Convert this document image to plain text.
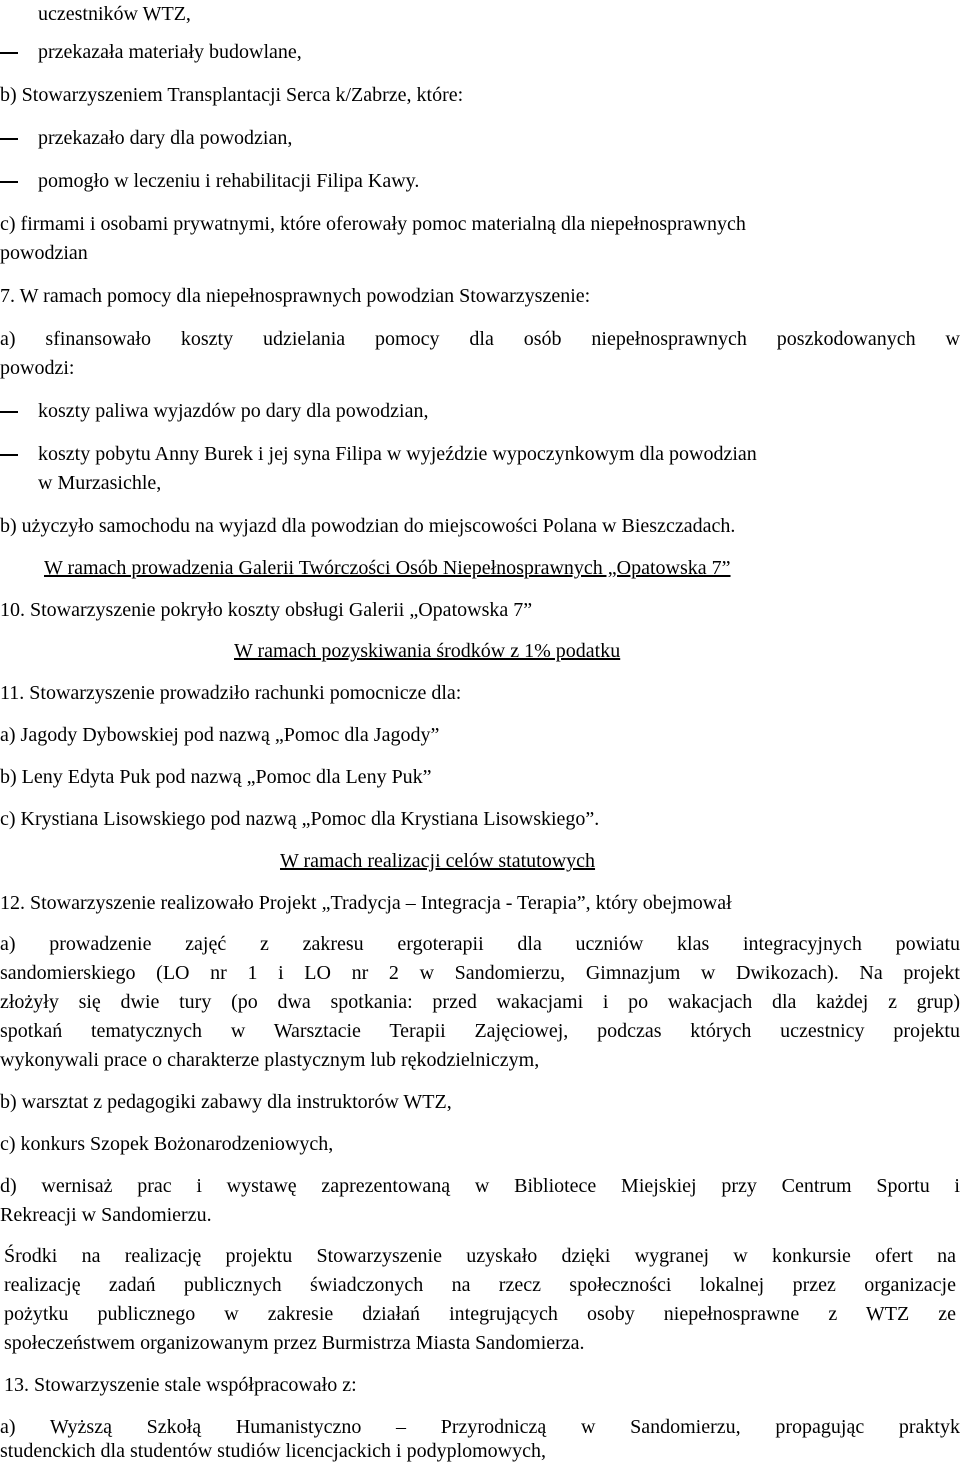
uczestników WTZ,
przekazała materiały budowlane,
b) Stowarzyszeniem Transplantacji Serca k/Zabrze, które:
przekazało dary dla powodzian,
pomogło w leczeniu i rehabilitacji Filipa Kawy.
c) firmami i osobami prywatnymi, które oferowały pomoc materialną dla niepełnosprawnych
powodzian
7. W ramach pomocy dla niepełnosprawnych powodzian Stowarzyszenie:
a) sfinansowało koszty udzielania pomocy dla osób niepełnosprawnych poszkodowanych w
powodzi:
koszty paliwa wyjazdów po dary dla powodzian,
koszty pobytu Anny Burek i jej syna Filipa w wyjeździe wypoczynkowym dla powodzian
w Murzasichle,
b) użyczyło samochodu na wyjazd dla powodzian do miejscowości Polana w Bieszczadach.
W ramach prowadzenia Galerii Twórczości Osób Niepełnosprawnych „Opatowska 7”
10. Stowarzyszenie pokryło koszty obsługi Galerii „Opatowska 7”
W ramach pozyskiwania środków z 1% podatku
11. Stowarzyszenie prowadziło rachunki pomocnicze dla:
a) Jagody Dybowskiej pod nazwą „Pomoc dla Jagody”
b) Leny Edyta Puk pod nazwą „Pomoc dla Leny Puk”
c) Krystiana Lisowskiego pod nazwą „Pomoc dla Krystiana Lisowskiego”.
W ramach realizacji celów statutowych
12. Stowarzyszenie realizowało Projekt „Tradycja – Integracja - Terapia”, który obejmował
a) prowadzenie zajęć z zakresu ergoterapii dla uczniów klas integracyjnych powiatu
sandomierskiego (LO nr 1 i LO nr 2 w Sandomierzu, Gimnazjum w Dwikozach). Na projekt
złożyły się dwie tury (po dwa spotkania: przed wakacjami i po wakacjach dla każdej z grup)
spotkań tematycznych w Warsztacie Terapii Zajęciowej, podczas których uczestnicy projektu
wykonywali prace o charakterze plastycznym lub rękodzielniczym,
b) warsztat z pedagogiki zabawy dla instruktorów WTZ,
c) konkurs Szopek Bożonarodzeniowych,
d) wernisaż prac i wystawę zaprezentowaną w Bibliotece Miejskiej przy Centrum Sportu i
Rekreacji w Sandomierzu.
Środki na realizację projektu Stowarzyszenie uzyskało dzięki wygranej w konkursie ofert na
realizację zadań publicznych świadczonych na rzecz społeczności lokalnej przez organizacje
pożytku publicznego w zakresie działań integrujących osoby niepełnosprawne z WTZ ze
społeczeństwem organizowanym przez Burmistrza Miasta Sandomierza.
13. Stowarzyszenie stale współpracowało z:
a) Wyższą Szkołą Humanistyczno – Przyrodniczą w Sandomierzu, propagując praktyk
studenckich dla studentów studiów licencjackich i podyplomowych,
